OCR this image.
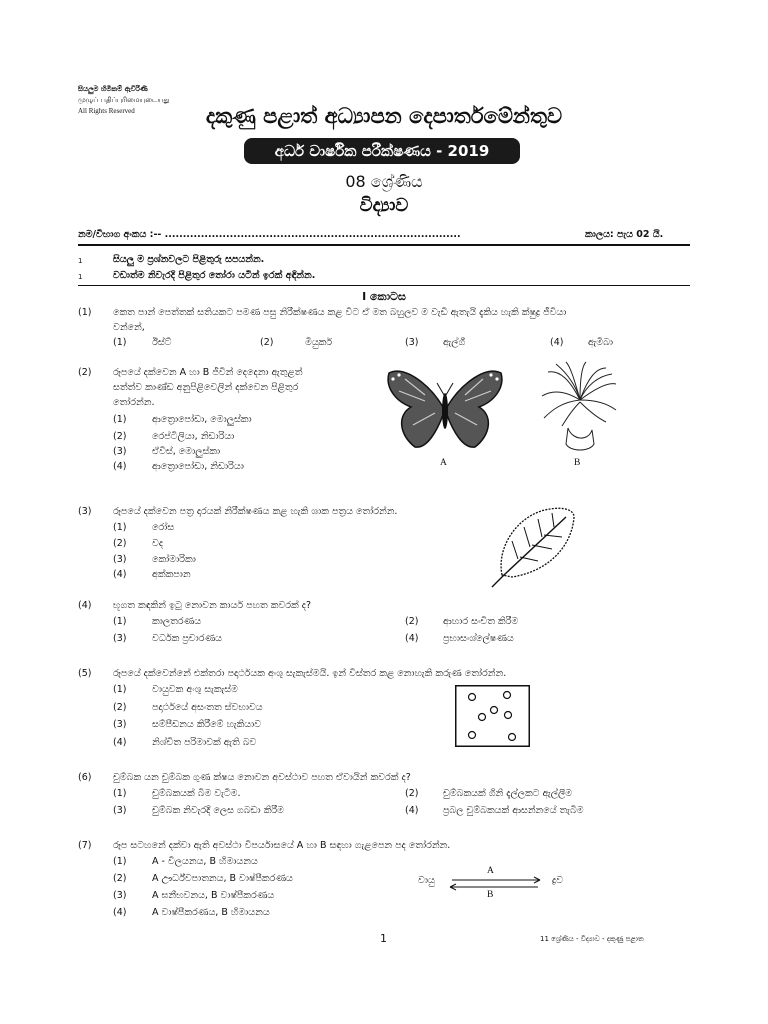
සියලුම හිමිකම් ඇවිරිණි
முழுப் பதிப்புரிமையுடையது
All Rights Reserved	දකුණු පළාත් අධ්‍යාපන දෙපාර්තමේන්තුව
අර්ධ වාර්ෂික පරීක්ෂණය - 2019
08 ශ්‍රේණිය
විද්‍යාව
නම/විභාග අංකය :-- ..................................................................................	කාලය: පැය 02 යි.
1	සියලු ම ප්‍රශ්නවලට පිළිතුරු සපයන්න.
1	වඩාත්ම නිවැරදි පිළිතුර තෝරා යටින් ඉරක් අඳින්න.
I කොටස
(1) කෙත පාන් පෙත්තක් සතියකට පමණ පසු නිරීක්ෂණය කළ විට ඒ මත බහුලව ම වැඩී ඇතැයි දැකිය හැකි ක්ෂුද්‍ර ජීවියා
වන්නේ,
(1)	ඊස්ට්	(2)	මියුකර්	(3)	ඇල්ගී	(4)	ඇමීබා
(2) රූපයේ දක්වෙන A හා B ජීවීන් දෙදෙනා ඇතුළත්
සත්ත්ව කාණ්ඩ අනුපිළිවෙලින් දක්වෙන පිළිතුර
තෝරන්න.
(1)	ආත්‍රොපෝඩා, මොලුස්කා
(2)	රෙප්ටිලියා, නිඩාරියා
(3)	ඒවීස්, මොලුස්කා
(4)	ආත්‍රොපෝඩා, නිඩාරියා	A	B
(3) රූපයේ දක්වෙන පත්‍ර දාරයක් නිරීක්ෂණය කළ හැකි ශාක පත්‍රය තෝරන්න.
(1)	රෝස
(2)	වද
(3)	කෝමාරිකා
(4)	අක්කපාන
(4) භූගත කඳකින් ඉටු නොවන කාර්ය පහත කවරක් ද?
(1)	කාලතරණය	(2)	ආහාර සංචිත කිරීම
(3)	වර්ධක ප්‍රචාරණය	(4)	ප්‍රභාසංශ්ලේෂණය
(5) රූපයේ දක්වෙන්නේ එක්තරා පදාර්ථයක අංශු සැකැස්මයි. ඉන් විස්තර කළ නොහැකි කරුණ තෝරන්න.
(1)	වායුවක අංශු සැකැස්ම
(2)	පදාර්ථයේ අසංතත ස්වභාවය
(3)	සම්පීඩනය කිරීමේ හැකියාව
(4)	නිශ්චිත පරිමාවක් ඇති බව
(6) චුම්බක යන චුම්බක ගුණ ක්ෂය නොවන අවස්ථාව පහත ඒවායින් කවරක් ද?
(1)	චුම්බකයක් බිම වැටීම.	(2)	චුම්බකයක් ගිනි දැල්ලකට ඇල්ලීම
(3)	චුම්බක නිවැරදි ලෙස ගබඩා කිරීම	(4)	ප්‍රබල චුම්බකයක් ආසන්නයේ තැබීම
(7) රූප සටහනේ දක්වා ඇති අවස්ථා විපර්යාසයේ A හා B සඳහා ගැළපෙන පද තෝරන්න.
(1)	A - විලයනය, B හිමායනය
(2)	A ඌර්ධ්වපාතනය, B වාෂ්පීකරණය
(3)	A ඝනීභවනය, B වාෂ්පීකරණය
(4)	A වාෂ්පීකරණය, B හිමායනය
වායු	ද්‍රව
A
B
1	11 ශ්‍රේණිය - විද්‍යාව - දකුණු පළාත
